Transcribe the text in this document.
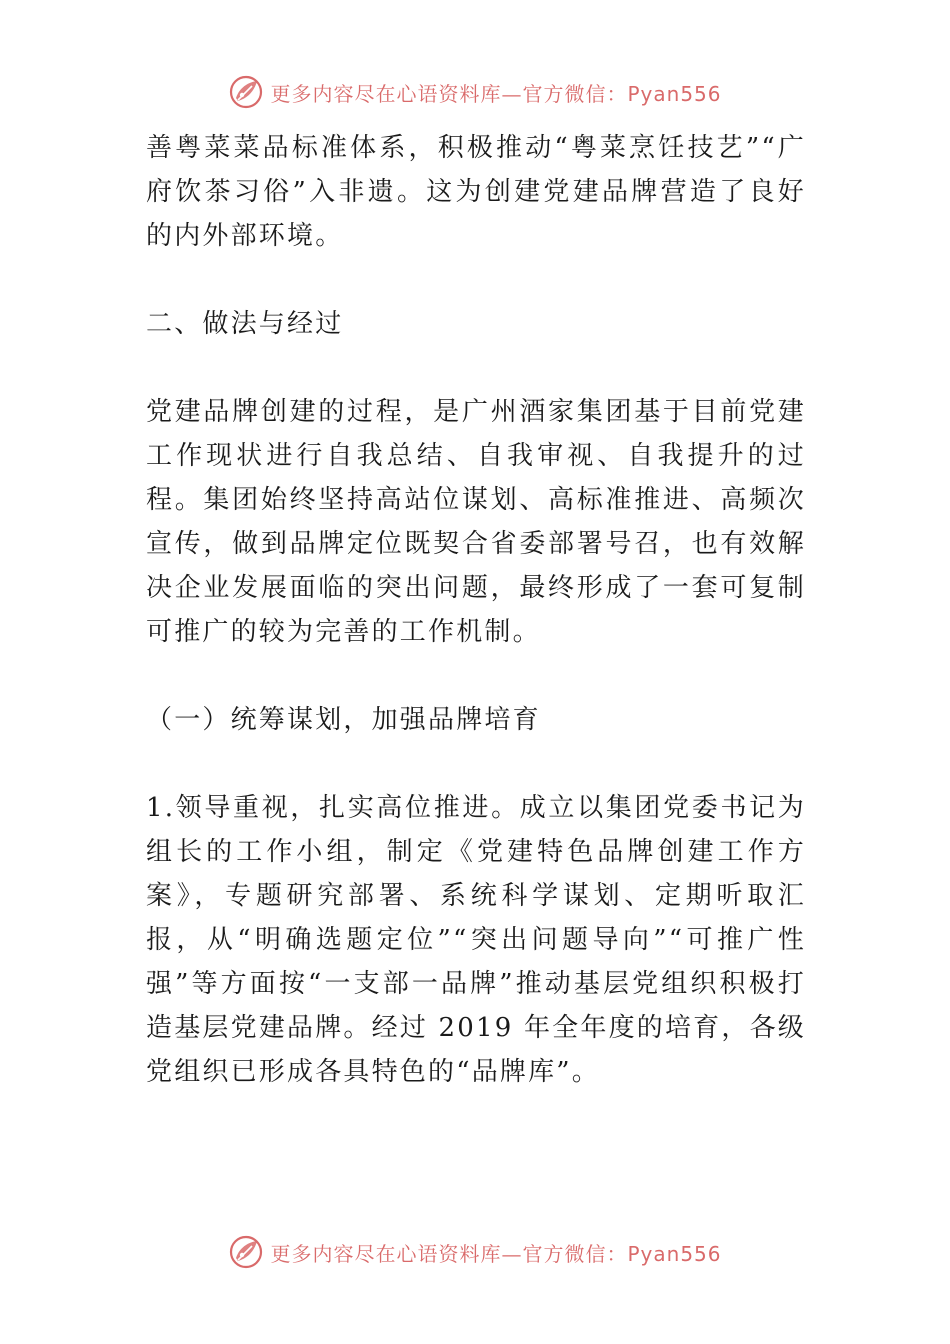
更多内容尽在心语资料库—官方微信：Pyan556

善粤菜菜品标准体系，积极推动“粤菜烹饪技艺”“广府饮茶习俗”入非遗。这为创建党建品牌营造了良好的内外部环境。

二、做法与经过

党建品牌创建的过程，是广州酒家集团基于目前党建工作现状进行自我总结、自我审视、自我提升的过程。集团始终坚持高站位谋划、高标准推进、高频次宣传，做到品牌定位既契合省委部署号召，也有效解决企业发展面临的突出问题，最终形成了一套可复制可推广的较为完善的工作机制。

（一）统筹谋划，加强品牌培育

1.领导重视，扎实高位推进。成立以集团党委书记为组长的工作小组，制定《党建特色品牌创建工作方案》，专题研究部署、系统科学谋划、定期听取汇报，从“明确选题定位”“突出问题导向”“可推广性强”等方面按“一支部一品牌”推动基层党组织积极打造基层党建品牌。经过 2019 年全年度的培育，各级党组织已形成各具特色的“品牌库”。

更多内容尽在心语资料库—官方微信：Pyan556
